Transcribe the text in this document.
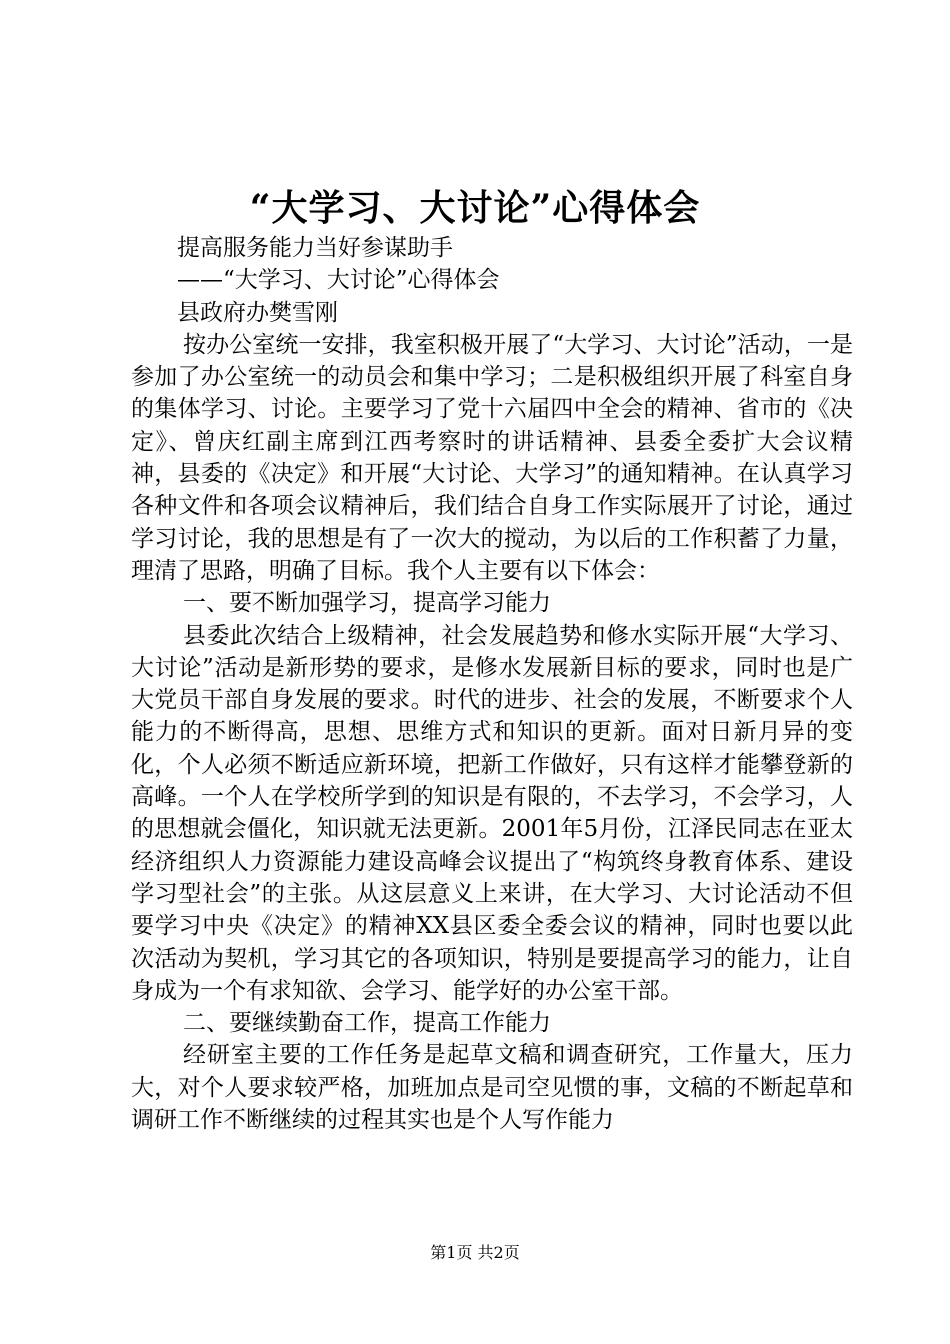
“大学习、大讨论”心得体会

提高服务能力当好参谋助手

——“大学习、大讨论”心得体会

县政府办樊雪刚

按办公室统一安排，我室积极开展了“大学习、大讨论”活动，一是参加了办公室统一的动员会和集中学习；二是积极组织开展了科室自身的集体学习、讨论。主要学习了党十六届四中全会的精神、省市的《决定》、曾庆红副主席到江西考察时的讲话精神、县委全委扩大会议精神，县委的《决定》和开展“大讨论、大学习”的通知精神。在认真学习各种文件和各项会议精神后，我们结合自身工作实际展开了讨论，通过学习讨论，我的思想是有了一次大的搅动，为以后的工作积蓄了力量，理清了思路，明确了目标。我个人主要有以下体会：

一、要不断加强学习，提高学习能力

县委此次结合上级精神，社会发展趋势和修水实际开展“大学习、大讨论”活动是新形势的要求，是修水发展新目标的要求，同时也是广大党员干部自身发展的要求。时代的进步、社会的发展，不断要求个人能力的不断得高，思想、思维方式和知识的更新。面对日新月异的变化，个人必须不断适应新环境，把新工作做好，只有这样才能攀登新的高峰。一个人在学校所学到的知识是有限的，不去学习，不会学习，人的思想就会僵化，知识就无法更新。2001年5月份，江泽民同志在亚太经济组织人力资源能力建设高峰会议提出了“构筑终身教育体系、建设学习型社会”的主张。从这层意义上来讲，在大学习、大讨论活动不但要学习中央《决定》的精神XX县区委全委会议的精神，同时也要以此次活动为契机，学习其它的各项知识，特别是要提高学习的能力，让自身成为一个有求知欲、会学习、能学好的办公室干部。

二、要继续勤奋工作，提高工作能力

经研室主要的工作任务是起草文稿和调查研究，工作量大，压力大，对个人要求较严格，加班加点是司空见惯的事，文稿的不断起草和调研工作不断继续的过程其实也是个人写作能力

第1页 共2页
